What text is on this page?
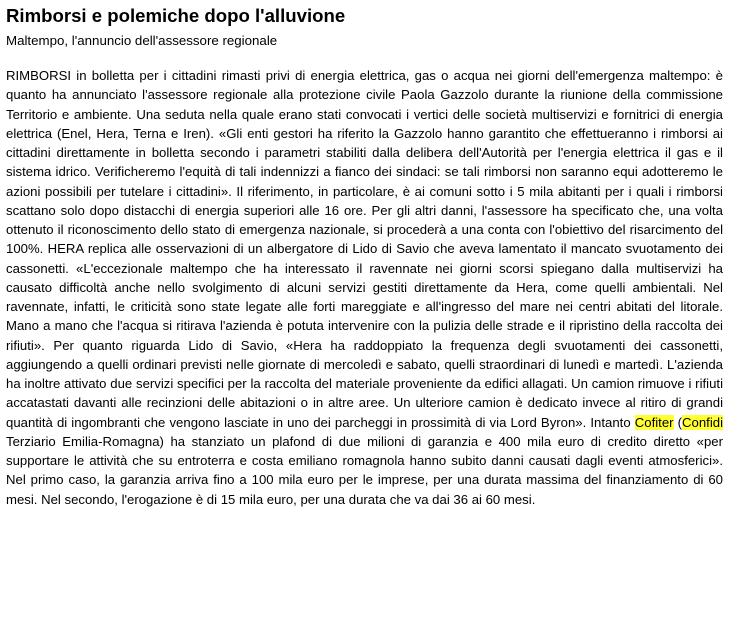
Rimborsi e polemiche dopo l'alluvione
Maltempo, l'annuncio dell'assessore regionale

RIMBORSI in bolletta per i cittadini rimasti privi di energia elettrica, gas o acqua nei giorni dell'emergenza maltempo: è quanto ha annunciato l'assessore regionale alla protezione civile Paola Gazzolo durante la riunione della commissione Territorio e ambiente. Una seduta nella quale erano stati convocati i vertici delle società multiservizi e fornitrici di energia elettrica (Enel, Hera, Terna e Iren). «Gli enti gestori ha riferito la Gazzolo hanno garantito che effettueranno i rimborsi ai cittadini direttamente in bolletta secondo i parametri stabiliti dalla delibera dell'Autorità per l'energia elettrica il gas e il sistema idrico. Verificheremo l'equità di tali indennizzi a fianco dei sindaci: se tali rimborsi non saranno equi adotteremo le azioni possibili per tutelare i cittadini». Il riferimento, in particolare, è ai comuni sotto i 5 mila abitanti per i quali i rimborsi scattano solo dopo distacchi di energia superiori alle 16 ore. Per gli altri danni, l'assessore ha specificato che, una volta ottenuto il riconoscimento dello stato di emergenza nazionale, si procederà a una conta con l'obiettivo del risarcimento del 100%. HERA replica alle osservazioni di un albergatore di Lido di Savio che aveva lamentato il mancato svuotamento dei cassonetti. «L'eccezionale maltempo che ha interessato il ravennate nei giorni scorsi spiegano dalla multiservizi ha causato difficoltà anche nello svolgimento di alcuni servizi gestiti direttamente da Hera, come quelli ambientali. Nel ravennate, infatti, le criticità sono state legate alle forti mareggiate e all'ingresso del mare nei centri abitati del litorale. Mano a mano che l'acqua si ritirava l'azienda è potuta intervenire con la pulizia delle strade e il ripristino della raccolta dei rifiuti». Per quanto riguarda Lido di Savio, «Hera ha raddoppiato la frequenza degli svuotamenti dei cassonetti, aggiungendo a quelli ordinari previsti nelle giornate di mercoledì e sabato, quelli straordinari di lunedì e martedì. L'azienda ha inoltre attivato due servizi specifici per la raccolta del materiale proveniente da edifici allagati. Un camion rimuove i rifiuti accatastati davanti alle recinzioni delle abitazioni o in altre aree. Un ulteriore camion è dedicato invece al ritiro di grandi quantità di ingombranti che vengono lasciate in uno dei parcheggi in prossimità di via Lord Byron». Intanto Cofiter (Confidi Terziario Emilia-Romagna) ha stanziato un plafond di due milioni di garanzia e 400 mila euro di credito diretto «per supportare le attività che su entroterra e costa emiliano romagnola hanno subito danni causati dagli eventi atmosferici». Nel primo caso, la garanzia arriva fino a 100 mila euro per le imprese, per una durata massima del finanziamento di 60 mesi. Nel secondo, l'erogazione è di 15 mila euro, per una durata che va dai 36 ai 60 mesi.
